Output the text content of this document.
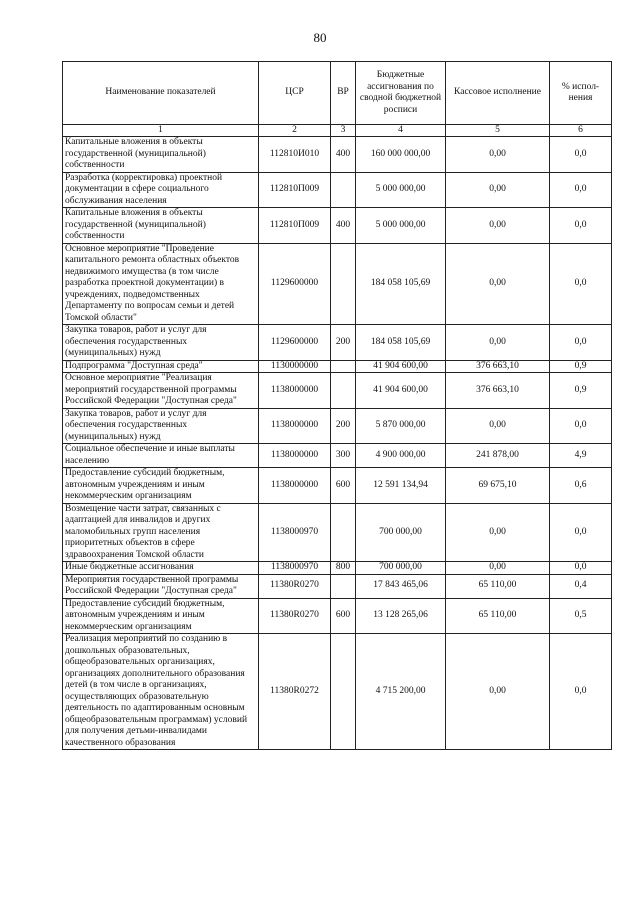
80
Наименование показателей	ЦСР	ВР	Бюджетные ассигнования по сводной бюджетной росписи	Кассовое исполнение	% испол-нения
1	2	3	4	5	6
Капитальные вложения в объекты государственной (муниципальной) собственности	112810И010	400	160 000 000,00	0,00	0,0
Разработка (корректировка) проектной документации в сфере социального обслуживания населения	112810П009		5 000 000,00	0,00	0,0
Капитальные вложения в объекты государственной (муниципальной) собственности	112810П009	400	5 000 000,00	0,00	0,0
Основное мероприятие "Проведение капитального ремонта областных объектов недвижимого имущества (в том числе разработка проектной документации) в учреждениях, подведомственных Департаменту по вопросам семьи и детей Томской области"	1129600000		184 058 105,69	0,00	0,0
Закупка товаров, работ и услуг для обеспечения государственных (муниципальных) нужд	1129600000	200	184 058 105,69	0,00	0,0
Подпрограмма "Доступная среда"	1130000000		41 904 600,00	376 663,10	0,9
Основное мероприятие "Реализация мероприятий государственной программы Российской Федерации "Доступная среда"	1138000000		41 904 600,00	376 663,10	0,9
Закупка товаров, работ и услуг для обеспечения государственных (муниципальных) нужд	1138000000	200	5 870 000,00	0,00	0,0
Социальное обеспечение и иные выплаты населению	1138000000	300	4 900 000,00	241 878,00	4,9
Предоставление субсидий бюджетным, автономным учреждениям и иным некоммерческим организациям	1138000000	600	12 591 134,94	69 675,10	0,6
Возмещение части затрат, связанных с адаптацией для инвалидов и других маломобильных групп населения приоритетных объектов в сфере здравоохранения Томской области	1138000970		700 000,00	0,00	0,0
Иные бюджетные ассигнования	1138000970	800	700 000,00	0,00	0,0
Мероприятия государственной программы Российской Федерации "Доступная среда"	11380R0270		17 843 465,06	65 110,00	0,4
Предоставление субсидий бюджетным, автономным учреждениям и иным некоммерческим организациям	11380R0270	600	13 128 265,06	65 110,00	0,5
Реализация мероприятий по созданию в дошкольных образовательных, общеобразовательных организациях, организациях дополнительного образования детей (в том числе в организациях, осуществляющих образовательную деятельность по адаптированным основным общеобразовательным программам) условий для получения детьми-инвалидами качественного образования	11380R0272		4 715 200,00	0,00	0,0
